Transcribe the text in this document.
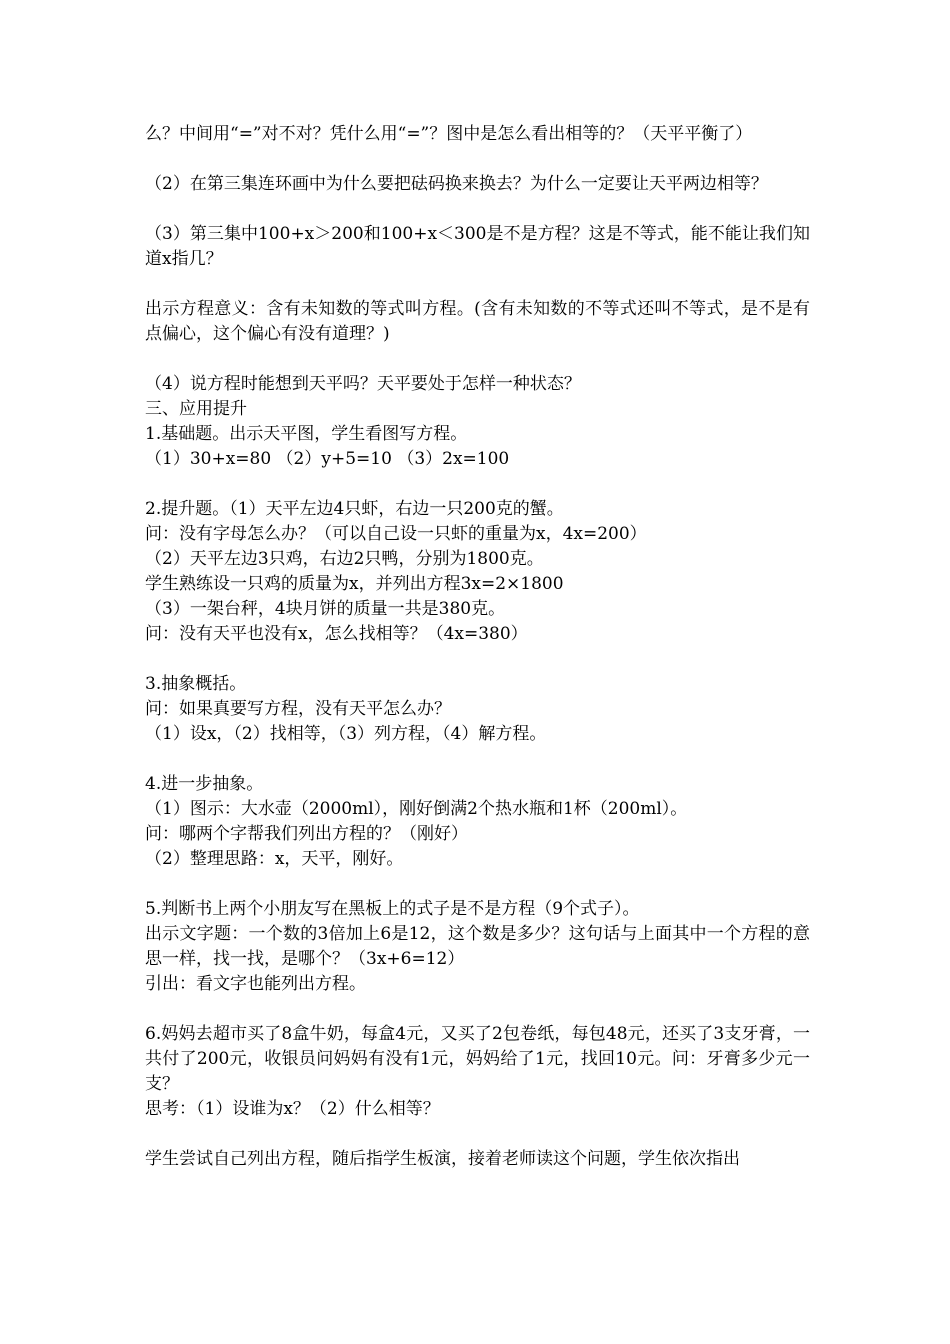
么？中间用“=”对不对？凭什么用“=”？图中是怎么看出相等的？（天平平衡了）
（2）在第三集连环画中为什么要把砝码换来换去？为什么一定要让天平两边相等？
（3）第三集中100+x＞200和100+x＜300是不是方程？这是不等式，能不能让我们知道x指几？
出示方程意义：含有未知数的等式叫方程。(含有未知数的不等式还叫不等式，是不是有点偏心，这个偏心有没有道理？)
（4）说方程时能想到天平吗？天平要处于怎样一种状态？
三、应用提升
1.基础题。出示天平图，学生看图写方程。
（1）30+x=80 （2）y+5=10 （3）2x=100
2.提升题。（1）天平左边4只虾，右边一只200克的蟹。
问：没有字母怎么办？（可以自己设一只虾的重量为x，4x=200）
（2）天平左边3只鸡，右边2只鸭，分别为1800克。
学生熟练设一只鸡的质量为x，并列出方程3x=2×1800
（3）一架台秤，4块月饼的质量一共是380克。
问：没有天平也没有x，怎么找相等？（4x=380）
3.抽象概括。
问：如果真要写方程，没有天平怎么办？
（1）设x，（2）找相等，（3）列方程，（4）解方程。
4.进一步抽象。
（1）图示：大水壶（2000ml），刚好倒满2个热水瓶和1杯（200ml）。
问：哪两个字帮我们列出方程的？（刚好）
（2）整理思路：x，天平，刚好。
5.判断书上两个小朋友写在黑板上的式子是不是方程（9个式子）。
出示文字题：一个数的3倍加上6是12，这个数是多少？这句话与上面其中一个方程的意思一样，找一找，是哪个？（3x+6=12）
引出：看文字也能列出方程。
6.妈妈去超市买了8盒牛奶，每盒4元，又买了2包卷纸，每包48元，还买了3支牙膏，一共付了200元，收银员问妈妈有没有1元，妈妈给了1元，找回10元。问：牙膏多少元一支？
思考：（1）设谁为x？（2）什么相等？
学生尝试自己列出方程，随后指学生板演，接着老师读这个问题，学生依次指出
